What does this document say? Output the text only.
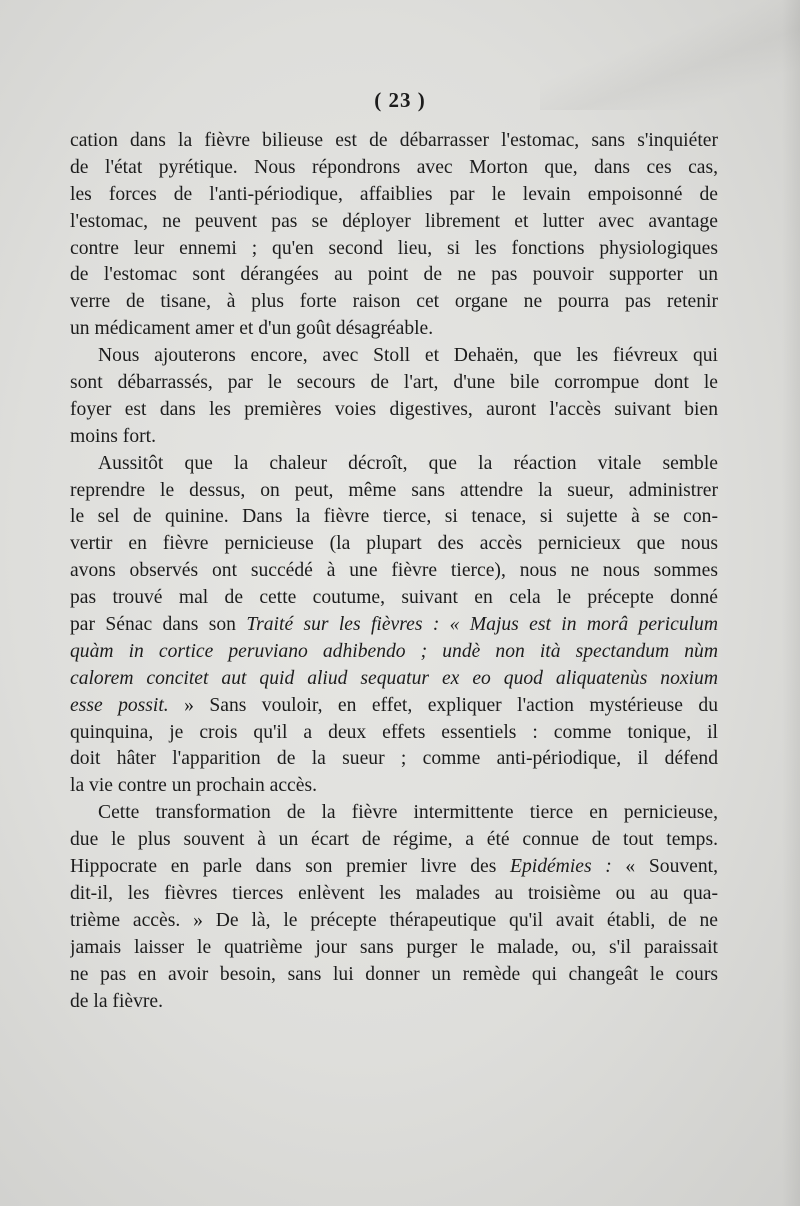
( 23 )
cation dans la fièvre bilieuse est de débarrasser l'estomac, sans s'inquiéter
de l'état pyrétique. Nous répondrons avec Morton que, dans ces cas,
les forces de l'anti-périodique, affaiblies par le levain empoisonné de
l'estomac, ne peuvent pas se déployer librement et lutter avec avantage
contre leur ennemi ; qu'en second lieu, si les fonctions physiologiques
de l'estomac sont dérangées au point de ne pas pouvoir supporter un
verre de tisane, à plus forte raison cet organe ne pourra pas retenir
un médicament amer et d'un goût désagréable.
Nous ajouterons encore, avec Stoll et Dehaën, que les fiévreux qui
sont débarrassés, par le secours de l'art, d'une bile corrompue dont le
foyer est dans les premières voies digestives, auront l'accès suivant bien
moins fort.
Aussitôt que la chaleur décroît, que la réaction vitale semble
reprendre le dessus, on peut, même sans attendre la sueur, administrer
le sel de quinine. Dans la fièvre tierce, si tenace, si sujette à se con-
vertir en fièvre pernicieuse (la plupart des accès pernicieux que nous
avons observés ont succédé à une fièvre tierce), nous ne nous sommes
pas trouvé mal de cette coutume, suivant en cela le précepte donné
par Sénac dans son Traité sur les fièvres : « Majus est in morâ periculum
quàm in cortice peruviano adhibendo ; undè non ità spectandum nùm
calorem concitet aut quid aliud sequatur ex eo quod aliquatenùs noxium
esse possit. » Sans vouloir, en effet, expliquer l'action mystérieuse du
quinquina, je crois qu'il a deux effets essentiels : comme tonique, il
doit hâter l'apparition de la sueur ; comme anti-périodique, il défend
la vie contre un prochain accès.
Cette transformation de la fièvre intermittente tierce en pernicieuse,
due le plus souvent à un écart de régime, a été connue de tout temps.
Hippocrate en parle dans son premier livre des Epidémies : « Souvent,
dit-il, les fièvres tierces enlèvent les malades au troisième ou au qua-
trième accès. » De là, le précepte thérapeutique qu'il avait établi, de ne
jamais laisser le quatrième jour sans purger le malade, ou, s'il paraissait
ne pas en avoir besoin, sans lui donner un remède qui changeât le cours
de la fièvre.
